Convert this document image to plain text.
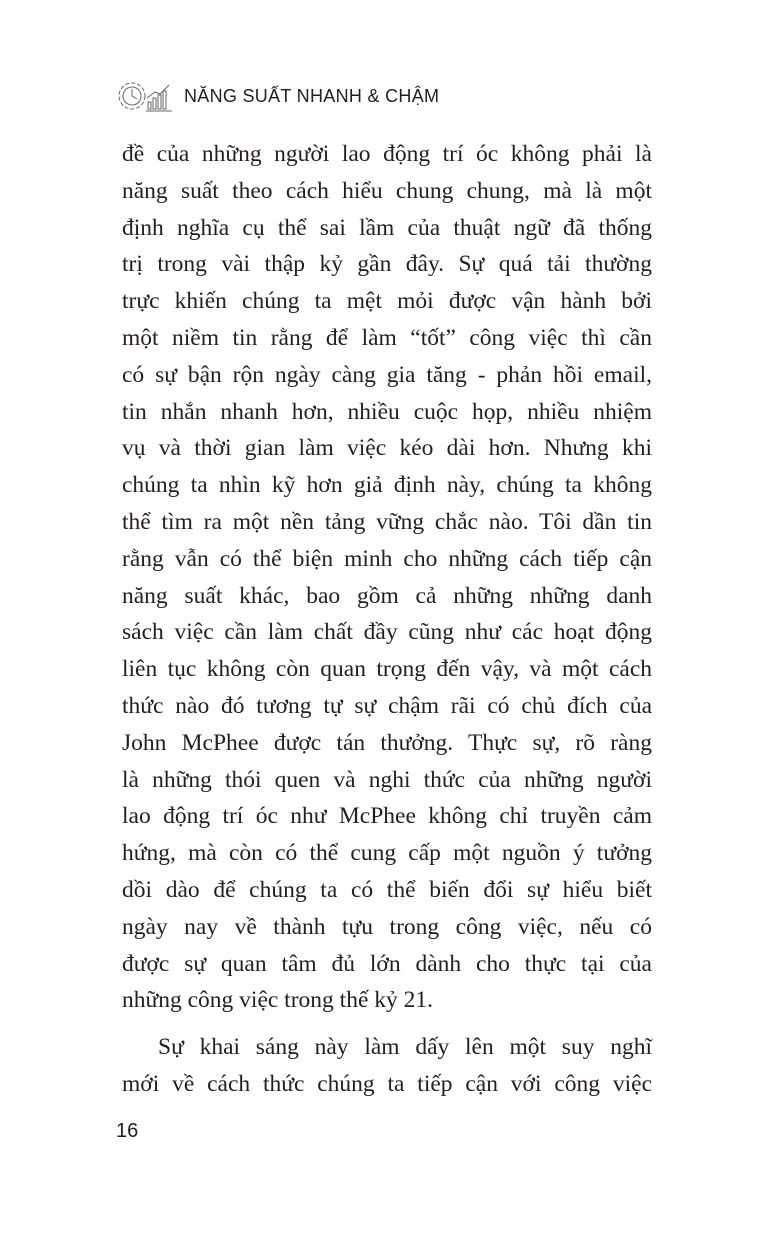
NĂNG SUẤT NHANH & CHẬM
đề của những người lao động trí óc không phải là
năng suất theo cách hiểu chung chung, mà là một
định nghĩa cụ thể sai lầm của thuật ngữ đã thống
trị trong vài thập kỷ gần đây. Sự quá tải thường
trực khiến chúng ta mệt mỏi được vận hành bởi
một niềm tin rằng để làm “tốt” công việc thì cần
có sự bận rộn ngày càng gia tăng - phản hồi email,
tin nhắn nhanh hơn, nhiều cuộc họp, nhiều nhiệm
vụ và thời gian làm việc kéo dài hơn. Nhưng khi
chúng ta nhìn kỹ hơn giả định này, chúng ta không
thể tìm ra một nền tảng vững chắc nào. Tôi dần tin
rằng vẫn có thể biện minh cho những cách tiếp cận
năng suất khác, bao gồm cả những những danh
sách việc cần làm chất đầy cũng như các hoạt động
liên tục không còn quan trọng đến vậy, và một cách
thức nào đó tương tự sự chậm rãi có chủ đích của
John McPhee được tán thưởng. Thực sự, rõ ràng
là những thói quen và nghi thức của những người
lao động trí óc như McPhee không chỉ truyền cảm
hứng, mà còn có thể cung cấp một nguồn ý tưởng
dồi dào để chúng ta có thể biến đổi sự hiểu biết
ngày nay về thành tựu trong công việc, nếu có
được sự quan tâm đủ lớn dành cho thực tại của
những công việc trong thế kỷ 21.
Sự khai sáng này làm dấy lên một suy nghĩ
mới về cách thức chúng ta tiếp cận với công việc
16
